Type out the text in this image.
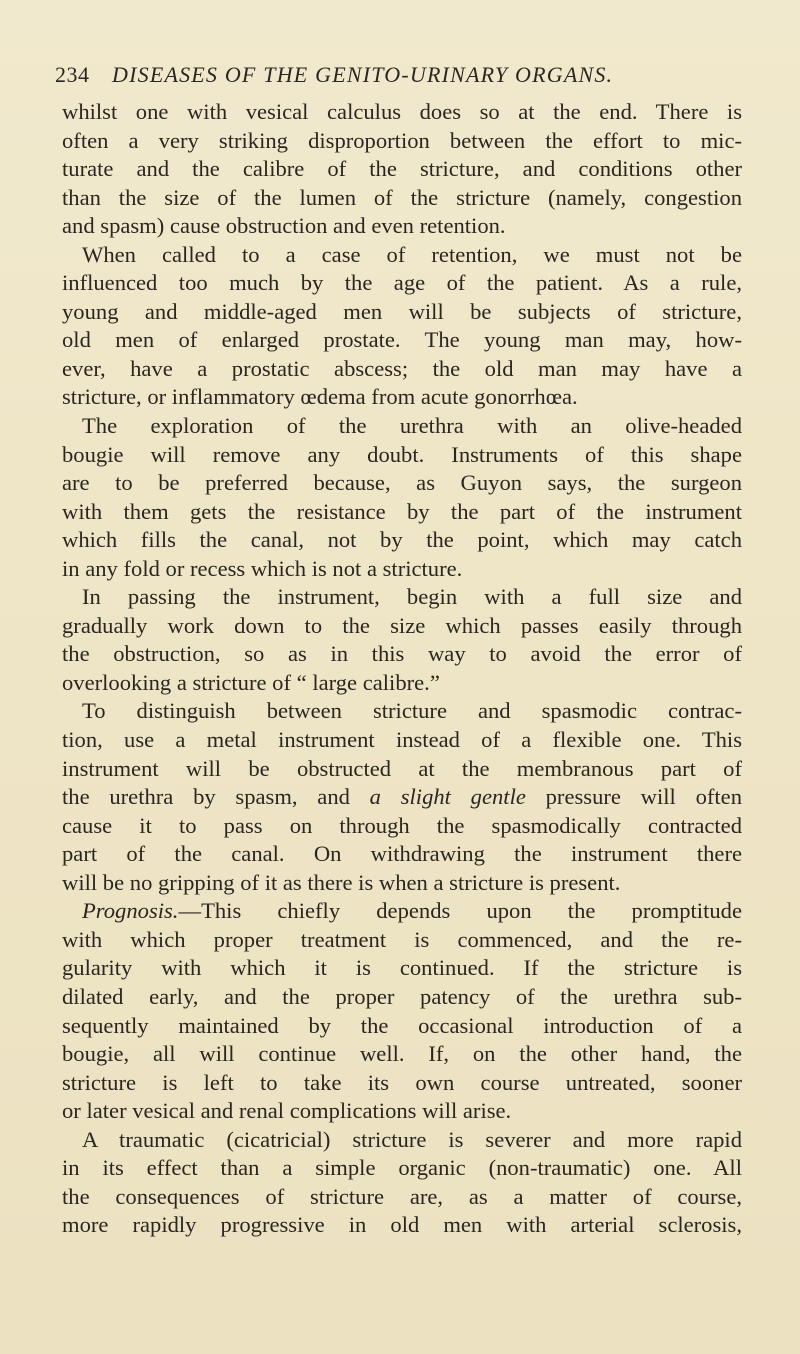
234 DISEASES OF THE GENITO-URINARY ORGANS.
whilst one with vesical calculus does so at the end. There is
often a very striking disproportion between the effort to mic-
turate and the calibre of the stricture, and conditions other
than the size of the lumen of the stricture (namely, congestion
and spasm) cause obstruction and even retention.
When called to a case of retention, we must not be
influenced too much by the age of the patient. As a rule,
young and middle-aged men will be subjects of stricture,
old men of enlarged prostate. The young man may, how-
ever, have a prostatic abscess; the old man may have a
stricture, or inflammatory œdema from acute gonorrhœa.
The exploration of the urethra with an olive-headed
bougie will remove any doubt. Instruments of this shape
are to be preferred because, as Guyon says, the surgeon
with them gets the resistance by the part of the instrument
which fills the canal, not by the point, which may catch
in any fold or recess which is not a stricture.
In passing the instrument, begin with a full size and
gradually work down to the size which passes easily through
the obstruction, so as in this way to avoid the error of
overlooking a stricture of “ large calibre.”
To distinguish between stricture and spasmodic contrac-
tion, use a metal instrument instead of a flexible one. This
instrument will be obstructed at the membranous part of
the urethra by spasm, and a slight gentle pressure will often
cause it to pass on through the spasmodically contracted
part of the canal. On withdrawing the instrument there
will be no gripping of it as there is when a stricture is present.
Prognosis.—This chiefly depends upon the promptitude
with which proper treatment is commenced, and the re-
gularity with which it is continued. If the stricture is
dilated early, and the proper patency of the urethra sub-
sequently maintained by the occasional introduction of a
bougie, all will continue well. If, on the other hand, the
stricture is left to take its own course untreated, sooner
or later vesical and renal complications will arise.
A traumatic (cicatricial) stricture is severer and more rapid
in its effect than a simple organic (non-traumatic) one. All
the consequences of stricture are, as a matter of course,
more rapidly progressive in old men with arterial sclerosis,
